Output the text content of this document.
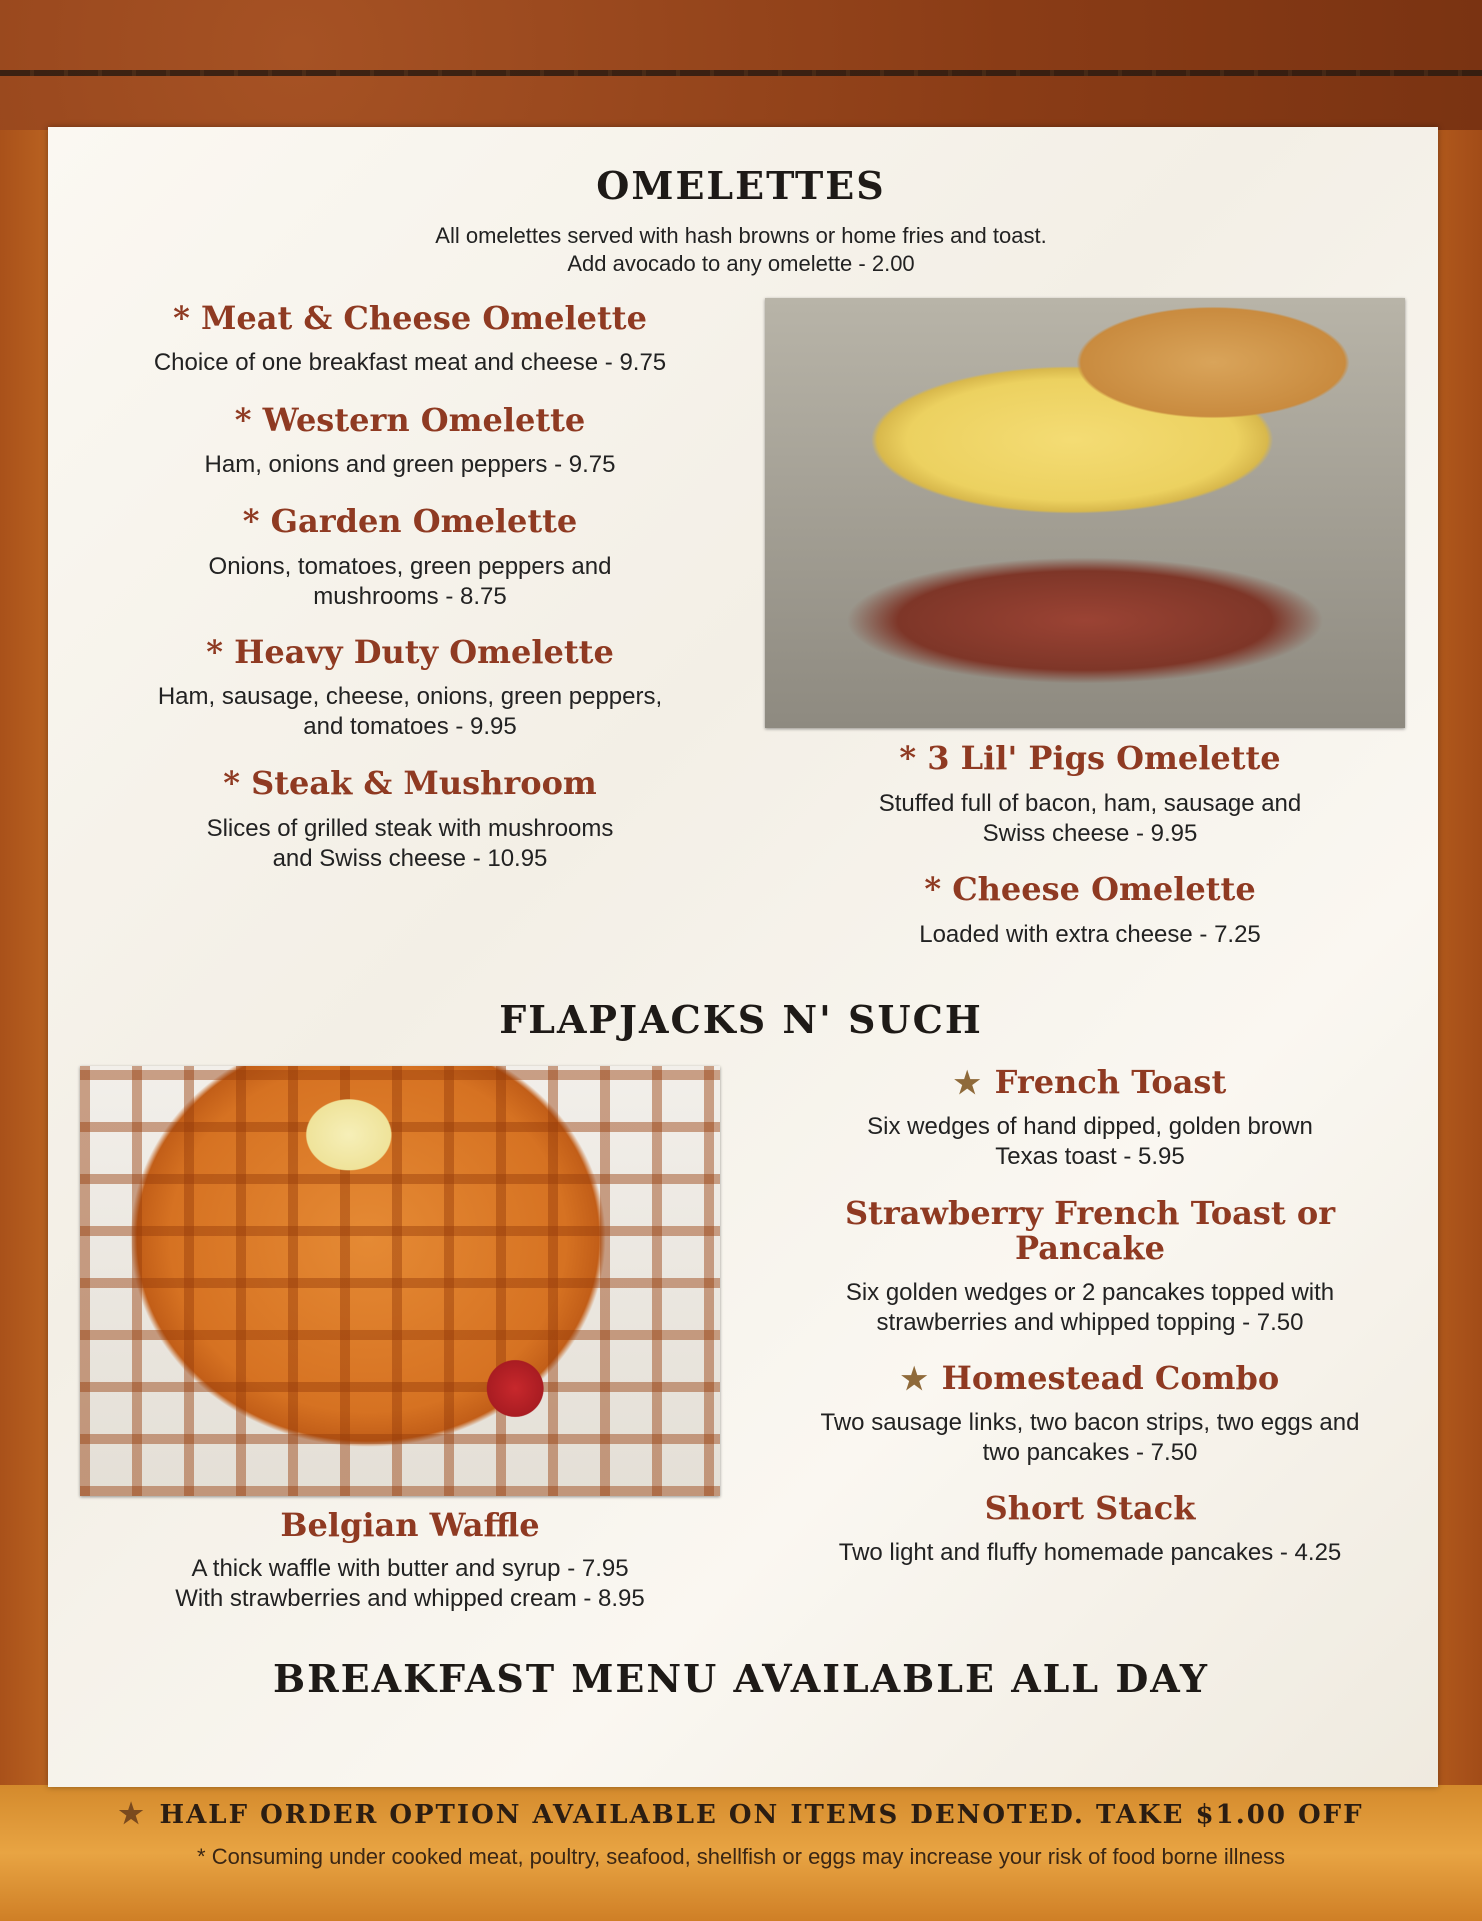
OMELETTES
All omelettes served with hash browns or home fries and toast.
Add avocado to any omelette - 2.00
* Meat & Cheese Omelette
Choice of one breakfast meat and cheese - 9.75
* Western Omelette
Ham, onions and green peppers - 9.75
* Garden Omelette
Onions, tomatoes, green peppers and
mushrooms - 8.75
* Heavy Duty Omelette
Ham, sausage, cheese, onions, green peppers,
and tomatoes - 9.95
* Steak & Mushroom
Slices of grilled steak with mushrooms
and Swiss cheese - 10.95
* 3 Lil' Pigs Omelette
Stuffed full of bacon, ham, sausage and
Swiss cheese - 9.95
* Cheese Omelette
Loaded with extra cheese - 7.25
FLAPJACKS N' SUCH
★ French Toast
Six wedges of hand dipped, golden brown
Texas toast - 5.95
Strawberry French Toast or
Pancake
Six golden wedges or 2 pancakes topped with
strawberries and whipped topping - 7.50
★ Homestead Combo
Two sausage links, two bacon strips, two eggs and
two pancakes - 7.50
Short Stack
Two light and fluffy homemade pancakes - 4.25
Belgian Waffle
A thick waffle with butter and syrup - 7.95
With strawberries and whipped cream - 8.95
BREAKFAST MENU AVAILABLE ALL DAY
★ HALF ORDER OPTION AVAILABLE ON ITEMS DENOTED. TAKE $1.00 OFF
* Consuming under cooked meat, poultry, seafood, shellfish or eggs may increase your risk of food borne illness
